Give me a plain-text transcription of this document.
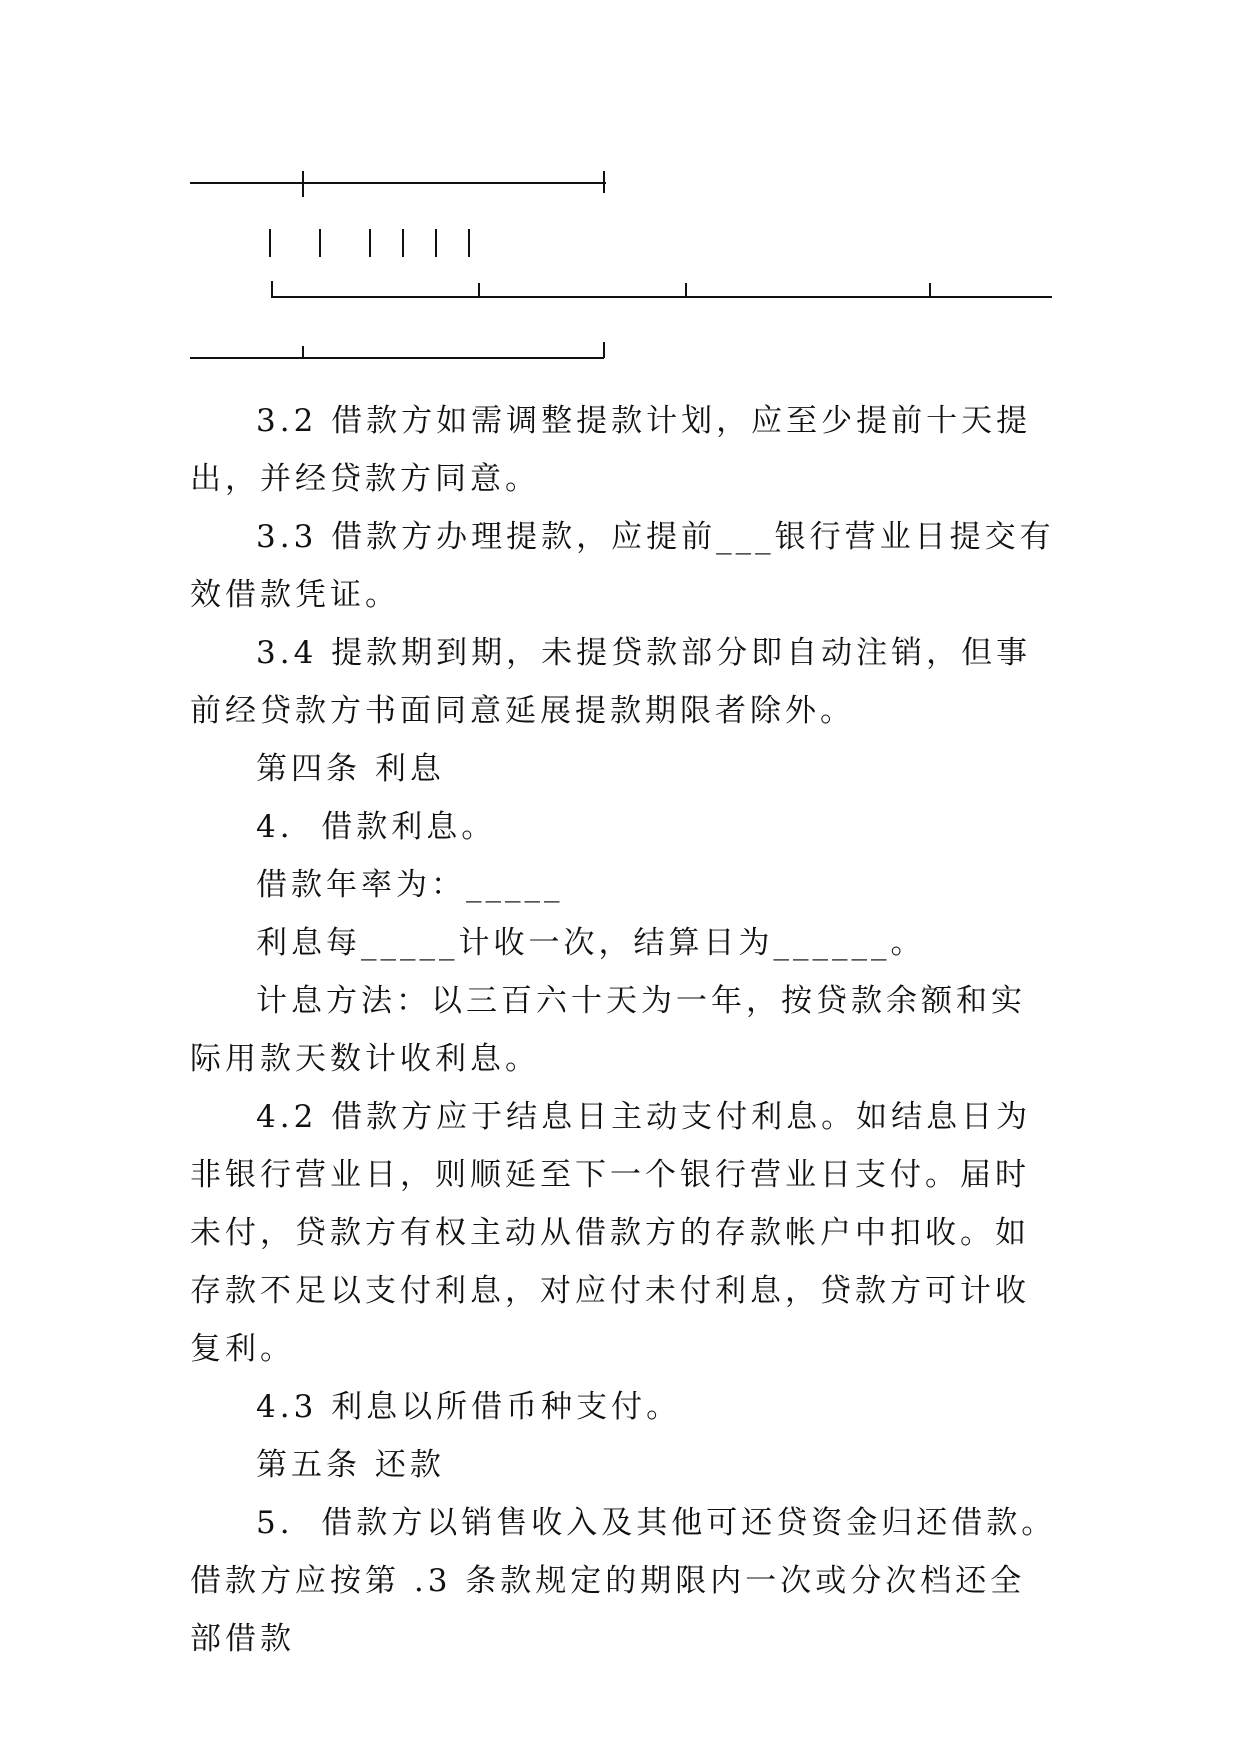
3.2 借款方如需调整提款计划，应至少提前十天提出，并经贷款方同意。

3.3 借款方办理提款，应提前___银行营业日提交有效借款凭证。

3.4 提款期到期，未提贷款部分即自动注销，但事前经贷款方书面同意延展提款期限者除外。

第四条 利息

4.  借款利息。

借款年率为：_____

利息每_____计收一次，结算日为______。

计息方法：以三百六十天为一年，按贷款余额和实际用款天数计收利息。

4.2 借款方应于结息日主动支付利息。如结息日为非银行营业日，则顺延至下一个银行营业日支付。届时未付，贷款方有权主动从借款方的存款帐户中扣收。如存款不足以支付利息，对应付未付利息，贷款方可计收复利。

4.3 利息以所借币种支付。

第五条 还款

5.  借款方以销售收入及其他可还贷资金归还借款。借款方应按第 .3 条款规定的期限内一次或分次档还全部借款
